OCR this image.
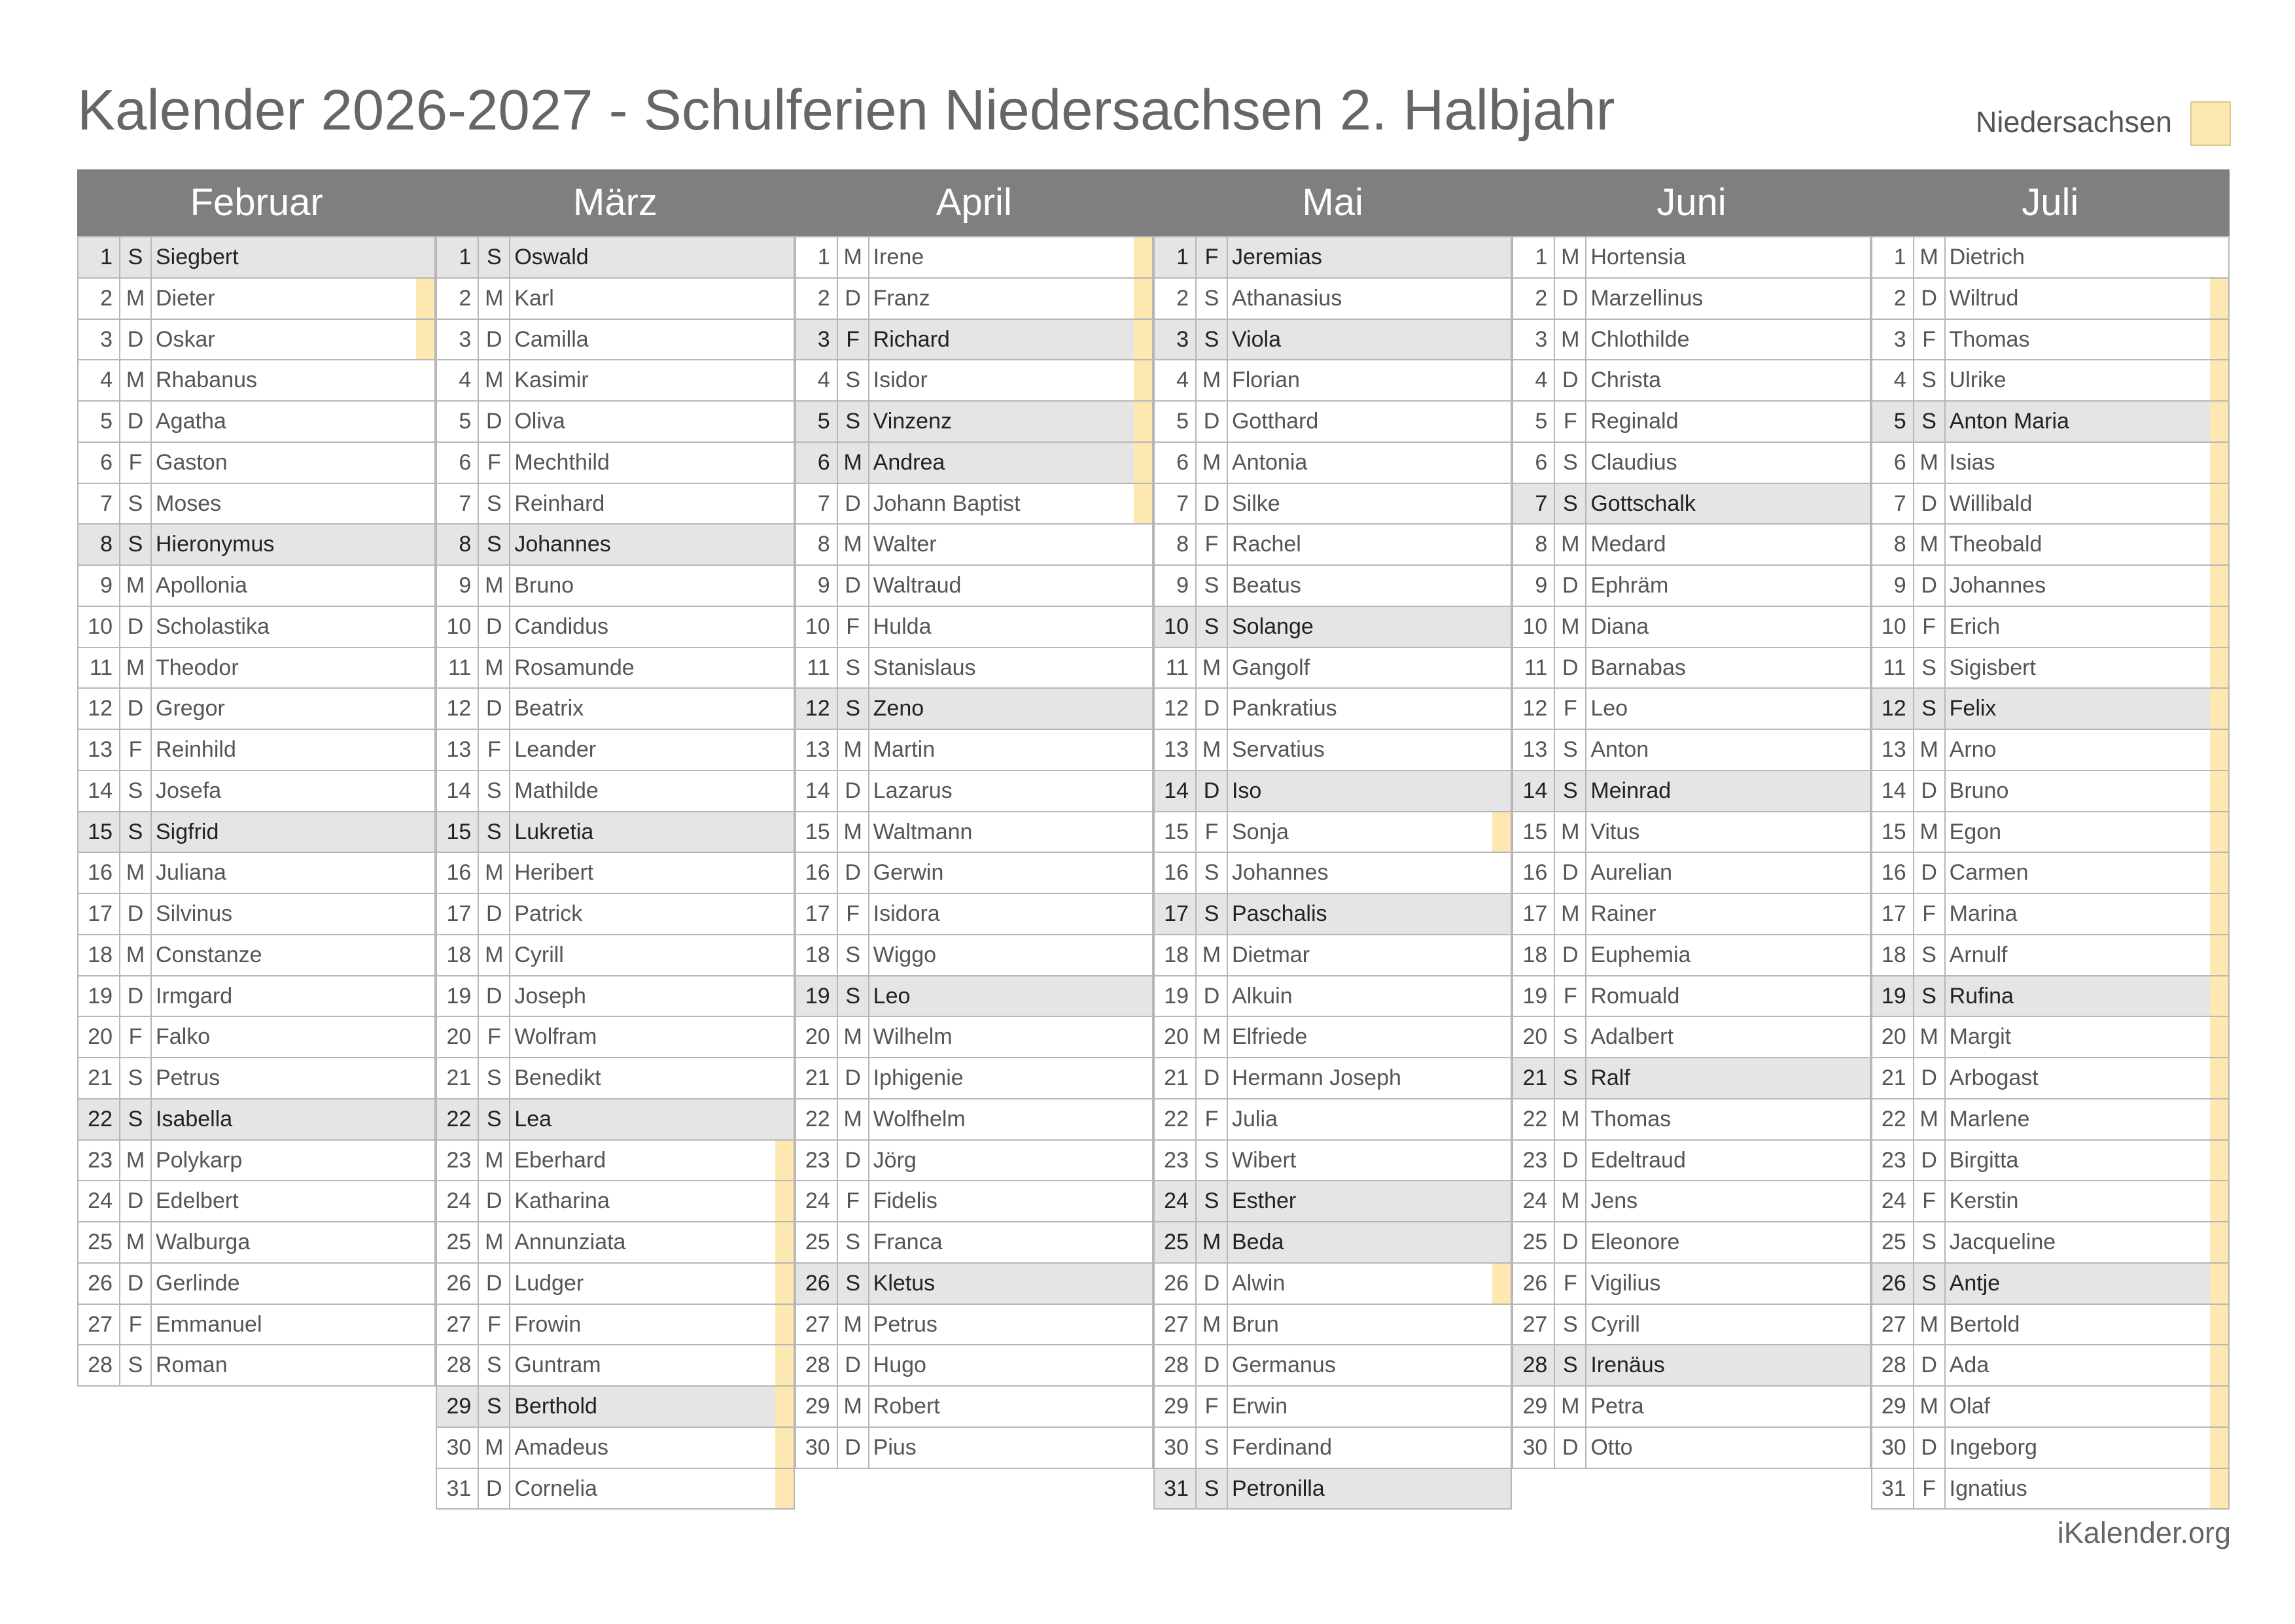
Kalender 2026-2027 - Schulferien Niedersachsen 2. Halbjahr	Niedersachsen
Februar
1 S Siegbert
2 M Dieter
3 D Oskar
4 M Rhabanus
5 D Agatha
6 F Gaston
7 S Moses
8 S Hieronymus
9 M Apollonia
10 D Scholastika
11 M Theodor
12 D Gregor
13 F Reinhild
14 S Josefa
15 S Sigfrid
16 M Juliana
17 D Silvinus
18 M Constanze
19 D Irmgard
20 F Falko
21 S Petrus
22 S Isabella
23 M Polykarp
24 D Edelbert
25 M Walburga
26 D Gerlinde
27 F Emmanuel
28 S Roman
März
1 S Oswald
2 M Karl
3 D Camilla
4 M Kasimir
5 D Oliva
6 F Mechthild
7 S Reinhard
8 S Johannes
9 M Bruno
10 D Candidus
11 M Rosamunde
12 D Beatrix
13 F Leander
14 S Mathilde
15 S Lukretia
16 M Heribert
17 D Patrick
18 M Cyrill
19 D Joseph
20 F Wolfram
21 S Benedikt
22 S Lea
23 M Eberhard
24 D Katharina
25 M Annunziata
26 D Ludger
27 F Frowin
28 S Guntram
29 S Berthold
30 M Amadeus
31 D Cornelia
April
1 M Irene
2 D Franz
3 F Richard
4 S Isidor
5 S Vinzenz
6 M Andrea
7 D Johann Baptist
8 M Walter
9 D Waltraud
10 F Hulda
11 S Stanislaus
12 S Zeno
13 M Martin
14 D Lazarus
15 M Waltmann
16 D Gerwin
17 F Isidora
18 S Wiggo
19 S Leo
20 M Wilhelm
21 D Iphigenie
22 M Wolfhelm
23 D Jörg
24 F Fidelis
25 S Franca
26 S Kletus
27 M Petrus
28 D Hugo
29 M Robert
30 D Pius
Mai
1 F Jeremias
2 S Athanasius
3 S Viola
4 M Florian
5 D Gotthard
6 M Antonia
7 D Silke
8 F Rachel
9 S Beatus
10 S Solange
11 M Gangolf
12 D Pankratius
13 M Servatius
14 D Iso
15 F Sonja
16 S Johannes
17 S Paschalis
18 M Dietmar
19 D Alkuin
20 M Elfriede
21 D Hermann Joseph
22 F Julia
23 S Wibert
24 S Esther
25 M Beda
26 D Alwin
27 M Brun
28 D Germanus
29 F Erwin
30 S Ferdinand
31 S Petronilla
Juni
1 M Hortensia
2 D Marzellinus
3 M Chlothilde
4 D Christa
5 F Reginald
6 S Claudius
7 S Gottschalk
8 M Medard
9 D Ephräm
10 M Diana
11 D Barnabas
12 F Leo
13 S Anton
14 S Meinrad
15 M Vitus
16 D Aurelian
17 M Rainer
18 D Euphemia
19 F Romuald
20 S Adalbert
21 S Ralf
22 M Thomas
23 D Edeltraud
24 M Jens
25 D Eleonore
26 F Vigilius
27 S Cyrill
28 S Irenäus
29 M Petra
30 D Otto
Juli
1 M Dietrich
2 D Wiltrud
3 F Thomas
4 S Ulrike
5 S Anton Maria
6 M Isias
7 D Willibald
8 M Theobald
9 D Johannes
10 F Erich
11 S Sigisbert
12 S Felix
13 M Arno
14 D Bruno
15 M Egon
16 D Carmen
17 F Marina
18 S Arnulf
19 S Rufina
20 M Margit
21 D Arbogast
22 M Marlene
23 D Birgitta
24 F Kerstin
25 S Jacqueline
26 S Antje
27 M Bertold
28 D Ada
29 M Olaf
30 D Ingeborg
31 F Ignatius
iKalender.org
